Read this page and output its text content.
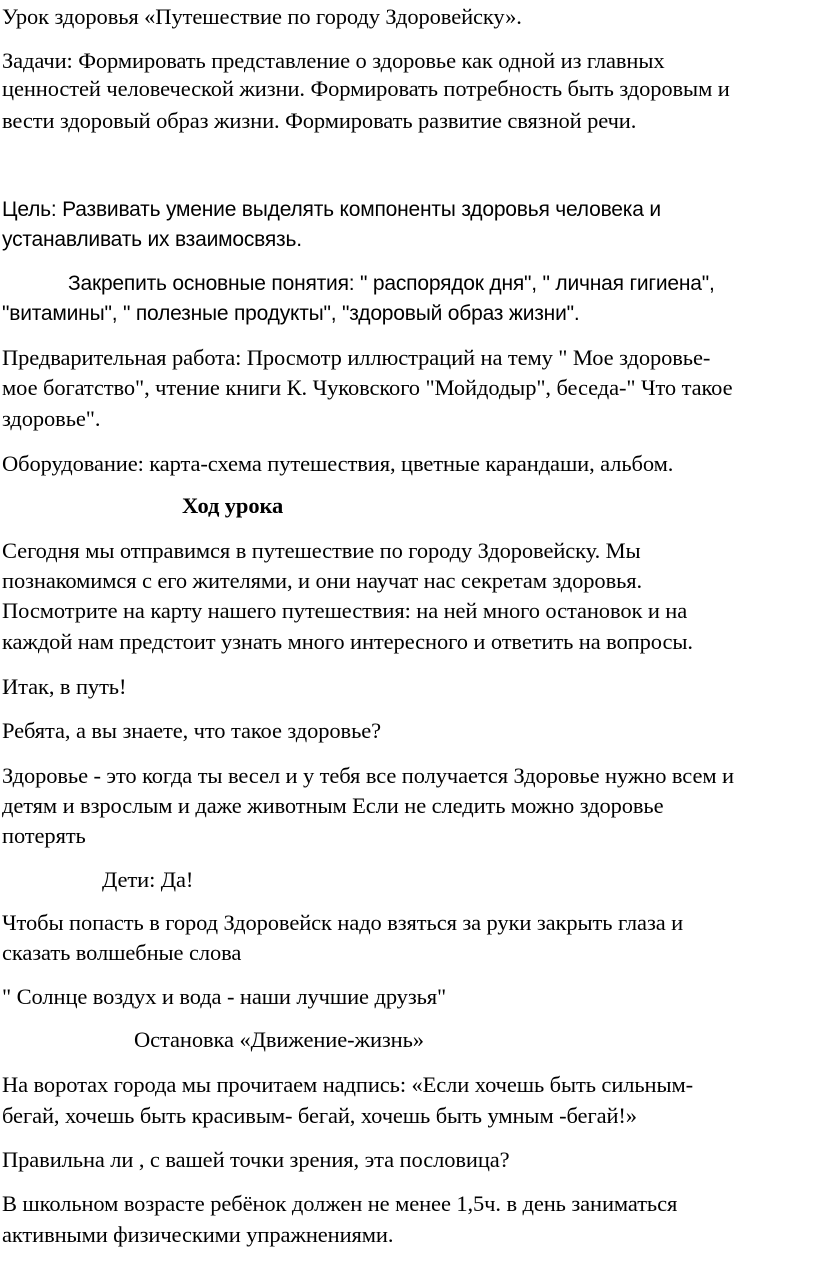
Урок здоровья «Путешествие по городу Здоровейску».
Задачи: Формировать представление о здоровье как одной из главных
ценностей человеческой жизни. Формировать потребность быть здоровым и
вести здоровый образ жизни. Формировать развитие связной речи.
Цель: Развивать умение выделять компоненты здоровья человека и
устанавливать их взаимосвязь.
Закрепить основные понятия: " распорядок дня", " личная гигиена",
"витамины", " полезные продукты", "здоровый образ жизни".
Предварительная работа: Просмотр иллюстраций на тему " Мое здоровье-
мое богатство", чтение книги К. Чуковского "Мойдодыр", беседа-" Что такое
здоровье".
Оборудование: карта-схема путешествия, цветные карандаши, альбом.
Ход урока
Сегодня мы отправимся в путешествие по городу Здоровейску. Мы
познакомимся с его жителями, и они научат нас секретам здоровья.
Посмотрите на карту нашего путешествия: на ней много остановок и на
каждой нам предстоит узнать много интересного и ответить на вопросы.
Итак, в путь!
Ребята, а вы знаете, что такое здоровье?
Здоровье - это когда ты весел и у тебя все получается Здоровье нужно всем и
детям и взрослым и даже животным Если не следить можно здоровье
потерять
Дети: Да!
Чтобы попасть в город Здоровейск надо взяться за руки закрыть глаза и
сказать волшебные слова
" Солнце воздух и вода - наши лучшие друзья"
Остановка «Движение-жизнь»
На воротах города мы прочитаем надпись: «Если хочешь быть сильным-
бегай, хочешь быть красивым- бегай, хочешь быть умным -бегай!»
Правильна ли , с вашей точки зрения, эта пословица?
В школьном возрасте ребёнок должен не менее 1,5ч. в день заниматься
активными физическими упражнениями.
